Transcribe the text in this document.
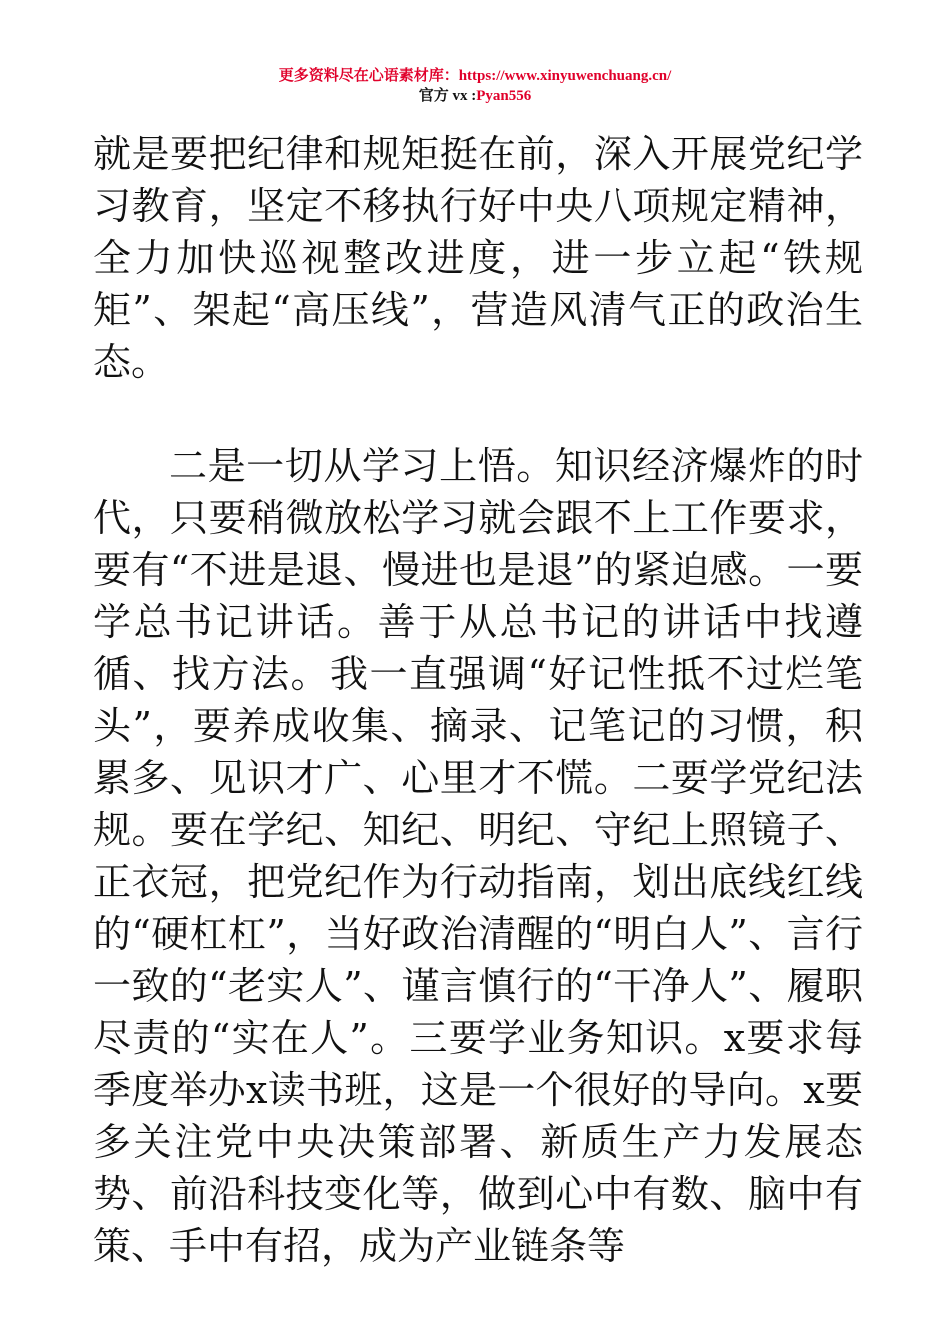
更多资料尽在心语素材库：https://www.xinyuwenchuang.cn/
官方 vx :Pyan556

就是要把纪律和规矩挺在前，深入开展党纪学习教育，坚定不移执行好中央八项规定精神，全力加快巡视整改进度，进一步立起“铁规矩”、架起“高压线”，营造风清气正的政治生态。

二是一切从学习上悟。知识经济爆炸的时代，只要稍微放松学习就会跟不上工作要求，要有“不进是退、慢进也是退”的紧迫感。一要学总书记讲话。善于从总书记的讲话中找遵循、找方法。我一直强调“好记性抵不过烂笔头”，要养成收集、摘录、记笔记的习惯，积累多、见识才广、心里才不慌。二要学党纪法规。要在学纪、知纪、明纪、守纪上照镜子、正衣冠，把党纪作为行动指南，划出底线红线的“硬杠杠”，当好政治清醒的“明白人”、言行一致的“老实人”、谨言慎行的“干净人”、履职尽责的“实在人”。三要学业务知识。x要求每季度举办x读书班，这是一个很好的导向。x要多关注党中央决策部署、新质生产力发展态势、前沿科技变化等，做到心中有数、脑中有策、手中有招，成为产业链条等
